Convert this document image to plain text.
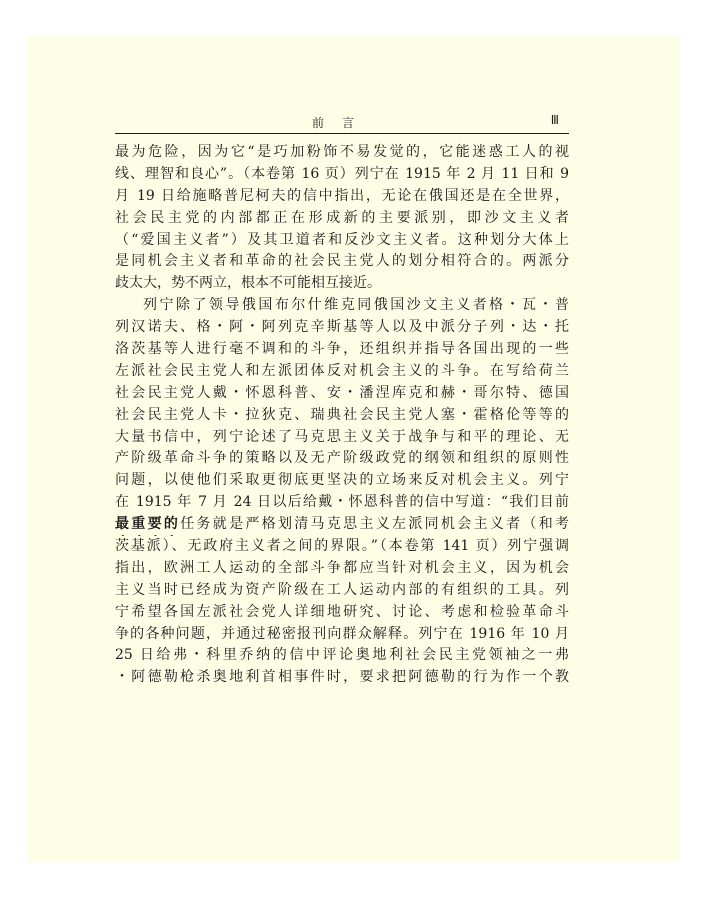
前言	Ⅲ
最为危险，因为它“是巧加粉饰不易发觉的，它能迷惑工人的视
线、理智和良心”。（本卷第 16 页）列宁在 1915 年 2 月 11 日和 9
月 19 日给施略普尼柯夫的信中指出，无论在俄国还是在全世界，
社会民主党的内部都正在形成新的主要派别，即沙文主义者
（“爱国主义者”）及其卫道者和反沙文主义者。这种划分大体上
是同机会主义者和革命的社会民主党人的划分相符合的。两派分
歧太大，势不两立，根本不可能相互接近。
列宁除了领导俄国布尔什维克同俄国沙文主义者格・瓦・普
列汉诺夫、格・阿・阿列克辛斯基等人以及中派分子列・达・托
洛茨基等人进行毫不调和的斗争，还组织并指导各国出现的一些
左派社会民主党人和左派团体反对机会主义的斗争。在写给荷兰
社会民主党人戴・怀恩科普、安・潘涅库克和赫・哥尔特、德国
社会民主党人卡・拉狄克、瑞典社会民主党人塞・霍格伦等等的
大量书信中，列宁论述了马克思主义关于战争与和平的理论、无
产阶级革命斗争的策略以及无产阶级政党的纲领和组织的原则性
问题，以使他们采取更彻底更坚决的立场来反对机会主义。列宁
在 1915 年 7 月 24 日以后给戴・怀恩科普的信中写道：“我们目前
最重要的任务就是严格划清马克思主义左派同机会主义者（和考
茨基派）、无政府主义者之间的界限。”（本卷第 141 页）列宁强调
指出，欧洲工人运动的全部斗争都应当针对机会主义，因为机会
主义当时已经成为资产阶级在工人运动内部的有组织的工具。列
宁希望各国左派社会党人详细地研究、讨论、考虑和检验革命斗
争的各种问题，并通过秘密报刊向群众解释。列宁在 1916 年 10 月
25 日给弗・科里乔纳的信中评论奥地利社会民主党领袖之一弗
・阿德勒枪杀奥地利首相事件时，要求把阿德勒的行为作一个教
